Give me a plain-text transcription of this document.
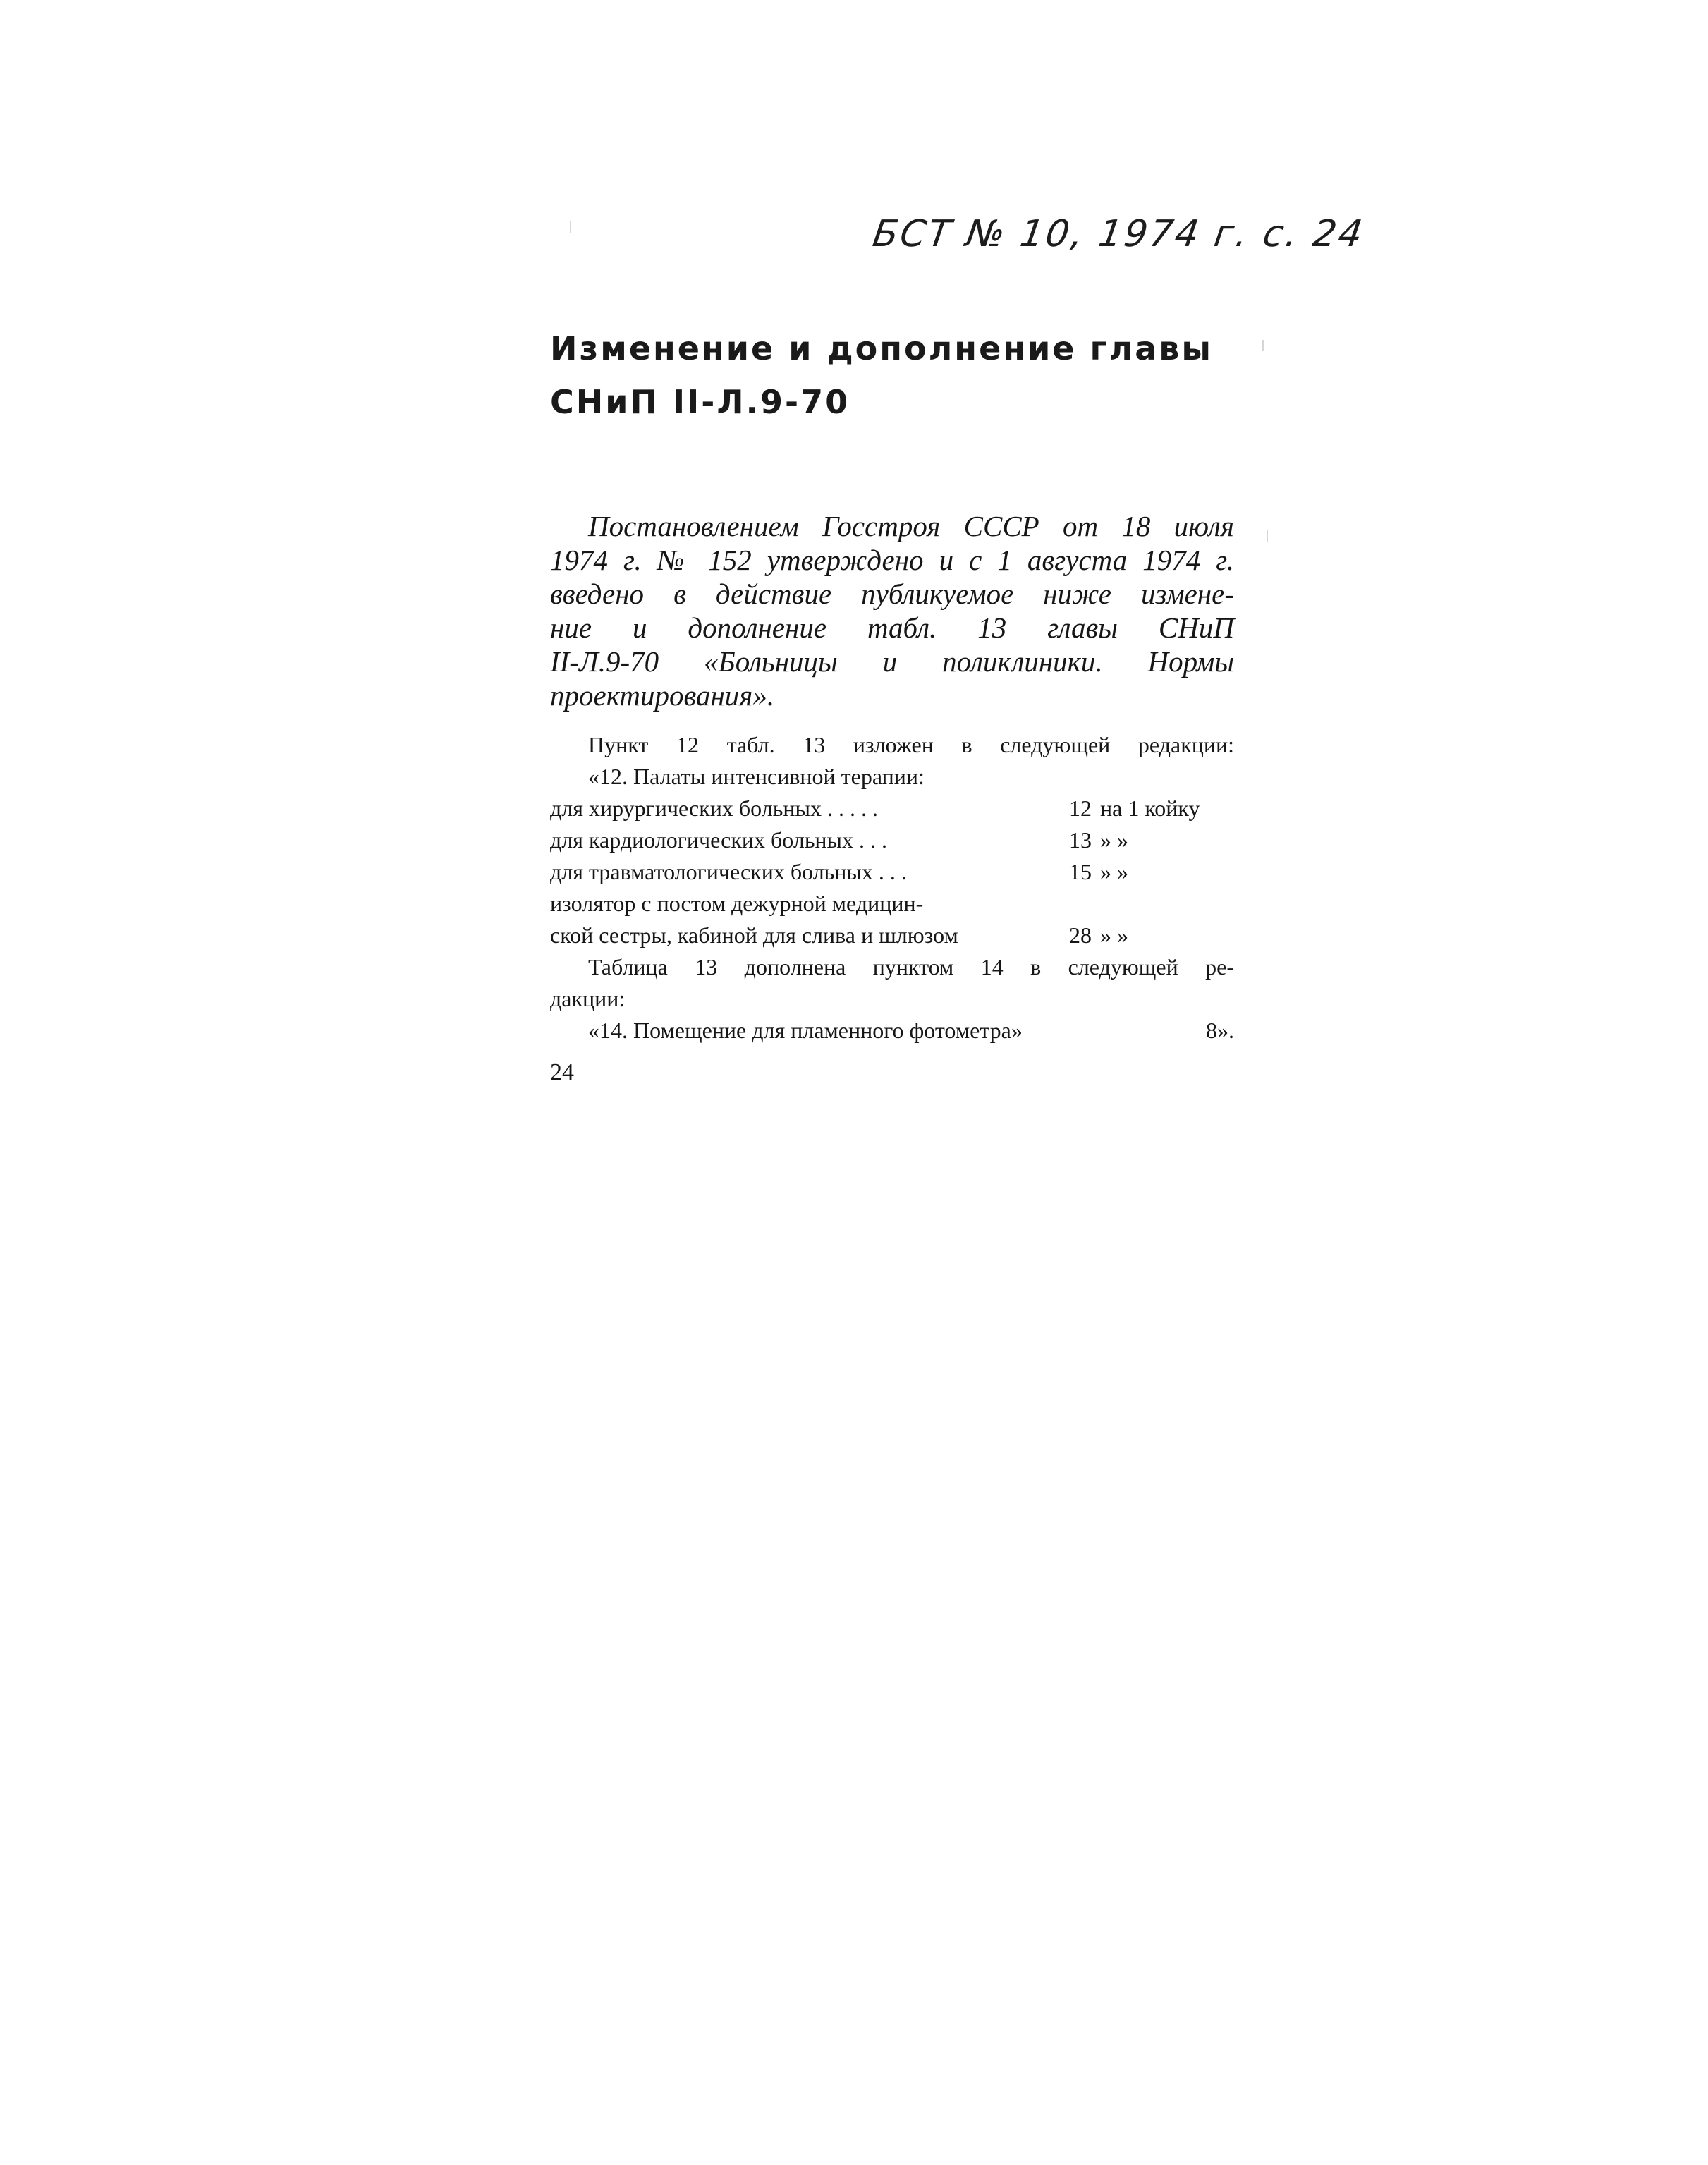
БСТ № 10, 1974 г. с. 24
Изменение и дополнение главы
СНиП II-Л.9-70
Постановлением Госстроя СССР от 18 июля
1974 г. № 152 утверждено и с 1 августа 1974 г.
введено в действие публикуемое ниже измене-
ние и дополнение табл. 13 главы СНиП
II-Л.9-70 «Больницы и поликлиники. Нормы
проектирования».
Пункт 12 табл. 13 изложен в следующей редакции:
«12. Палаты интенсивной терапии:
для хирургических больных . . . . .	12 на 1 койку
для кардиологических больных . . .	13 » »
для травматологических больных . . .	15 » »
изолятор с постом дежурной медицин-
ской сестры, кабиной для слива и шлюзом	28 » »
Таблица 13 дополнена пунктом 14 в следующей ре-
дакции:
«14. Помещение для пламенного фотометра»	8».
24
